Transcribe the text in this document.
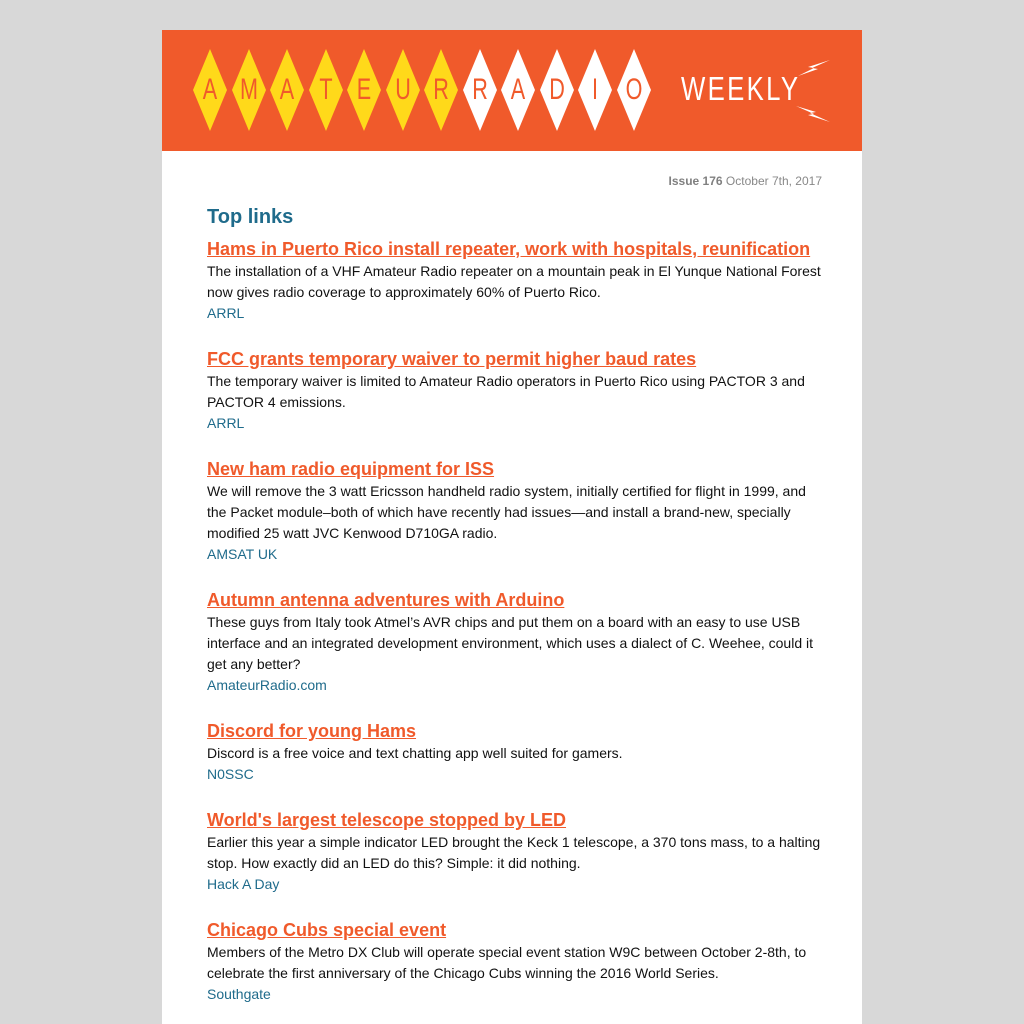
A M A T E U R R A D I O WEEKLY
Issue 176 October 7th, 2017
Top links
Hams in Puerto Rico install repeater, work with hospitals, reunification

The installation of a VHF Amateur Radio repeater on a mountain peak in El Yunque National Forest now gives radio coverage to approximately 60% of Puerto Rico.

ARRL
FCC grants temporary waiver to permit higher baud rates

The temporary waiver is limited to Amateur Radio operators in Puerto Rico using PACTOR 3 and PACTOR 4 emissions.

ARRL
New ham radio equipment for ISS

We will remove the 3 watt Ericsson handheld radio system, initially certified for flight in 1999, and the Packet module–both of which have recently had issues—and install a brand-new, specially modified 25 watt JVC Kenwood D710GA radio.

AMSAT UK
Autumn antenna adventures with Arduino

These guys from Italy took Atmel’s AVR chips and put them on a board with an easy to use USB interface and an integrated development environment, which uses a dialect of C. Weehee, could it get any better?

AmateurRadio.com
Discord for young Hams

Discord is a free voice and text chatting app well suited for gamers.

N0SSC
World's largest telescope stopped by LED

Earlier this year a simple indicator LED brought the Keck 1 telescope, a 370 tons mass, to a halting stop. How exactly did an LED do this? Simple: it did nothing.

Hack A Day
Chicago Cubs special event

Members of the Metro DX Club will operate special event station W9C between October 2-8th, to celebrate the first anniversary of the Chicago Cubs winning the 2016 World Series.

Southgate
